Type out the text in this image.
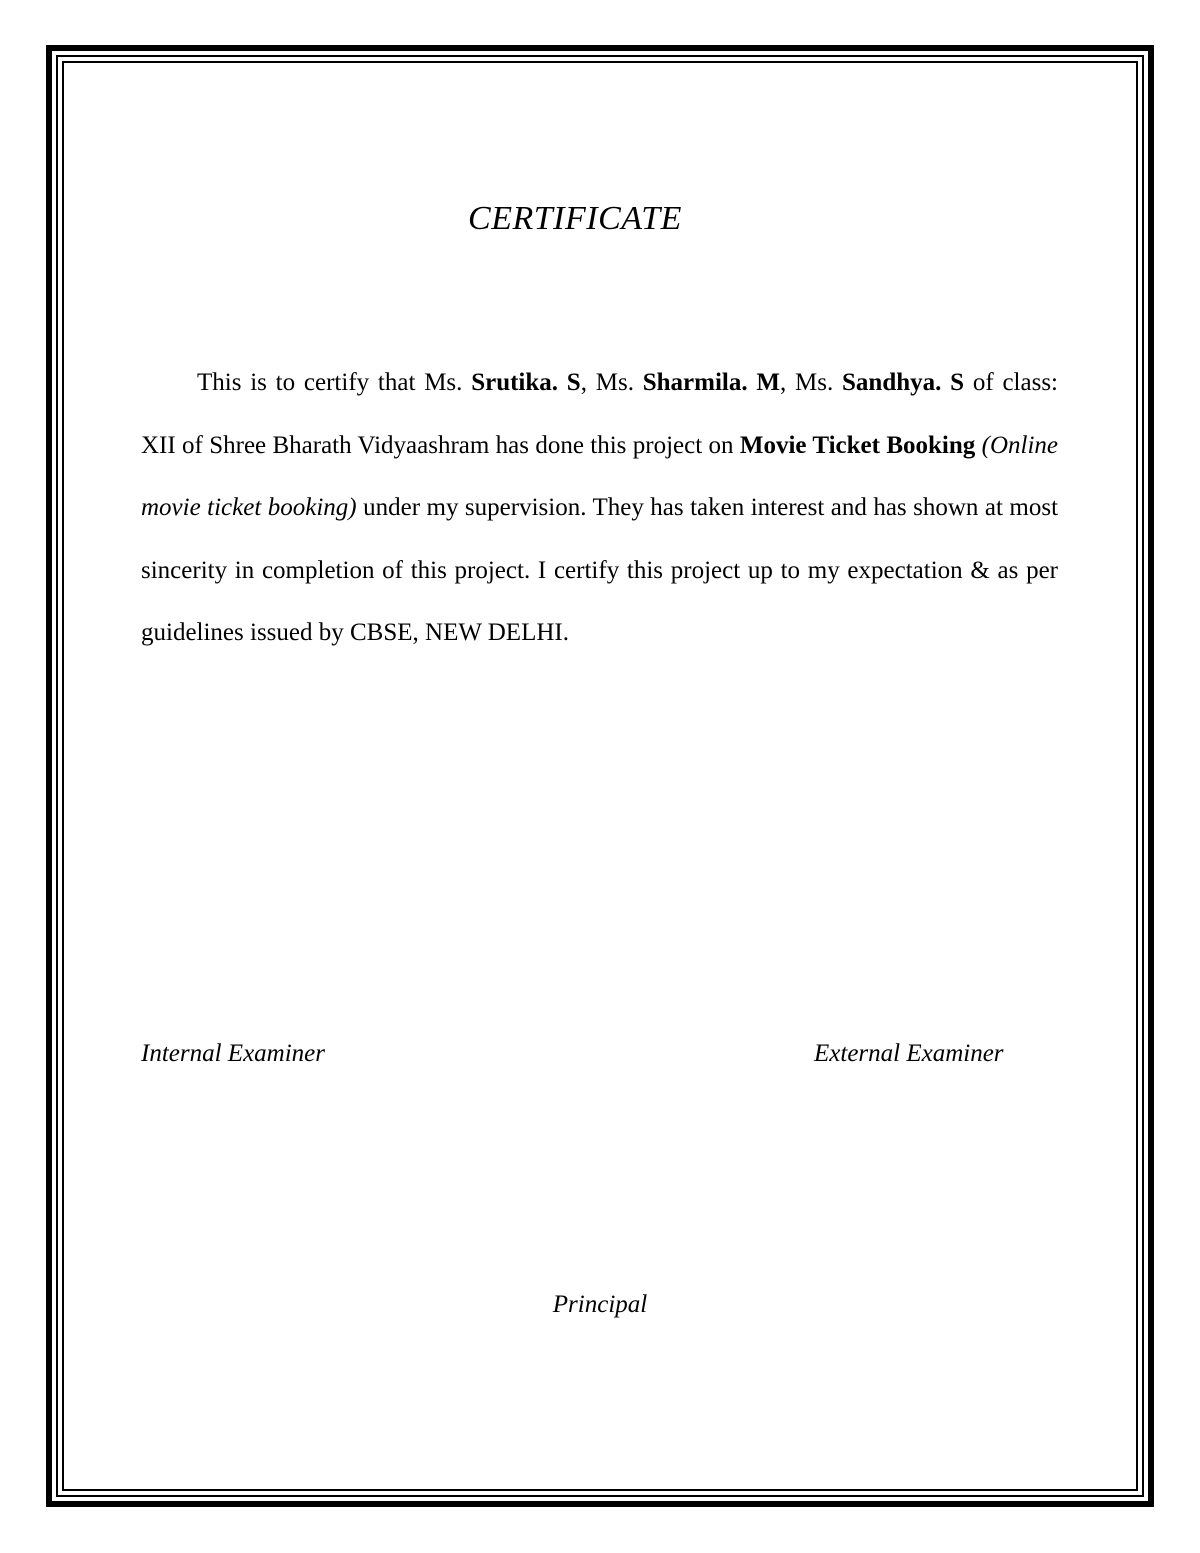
CERTIFICATE

This is to certify that Ms. Srutika. S, Ms. Sharmila. M, Ms. Sandhya. S of class: XII of Shree Bharath Vidyaashram has done this project on Movie Ticket Booking (Online movie ticket booking) under my supervision. They has taken interest and has shown at most sincerity in completion of this project. I certify this project up to my expectation & as per guidelines issued by CBSE, NEW DELHI.

Internal Examiner	External Examiner
Principal
